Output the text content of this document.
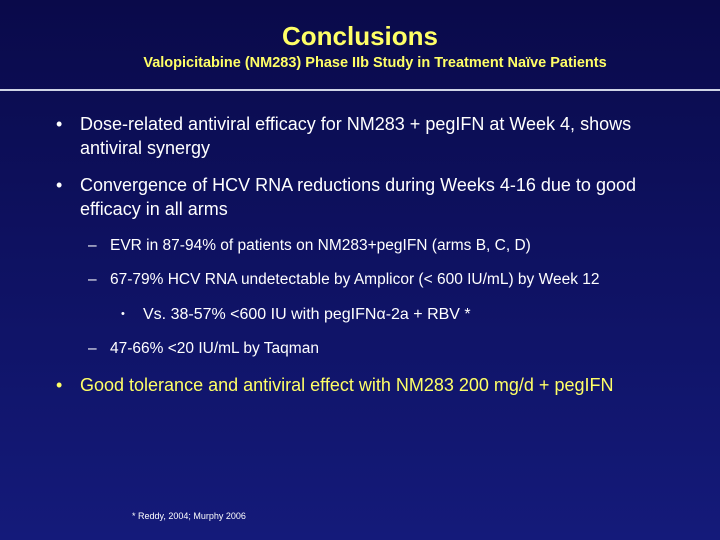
Conclusions
Valopicitabine (NM283) Phase IIb Study in Treatment Naïve Patients
• Dose-related antiviral efficacy for NM283 + pegIFN at Week 4, shows
antiviral synergy
• Convergence of HCV RNA reductions during Weeks 4-16 due to good
efficacy in all arms
– EVR in 87-94% of patients on NM283+pegIFN (arms B, C, D)
– 67-79% HCV RNA undetectable by Amplicor (< 600 IU/mL) by Week 12
• Vs. 38-57% <600 IU with pegIFNα-2a + RBV *
– 47-66% <20 IU/mL by Taqman
• Good tolerance and antiviral effect with NM283 200 mg/d + pegIFN
* Reddy, 2004; Murphy 2006
